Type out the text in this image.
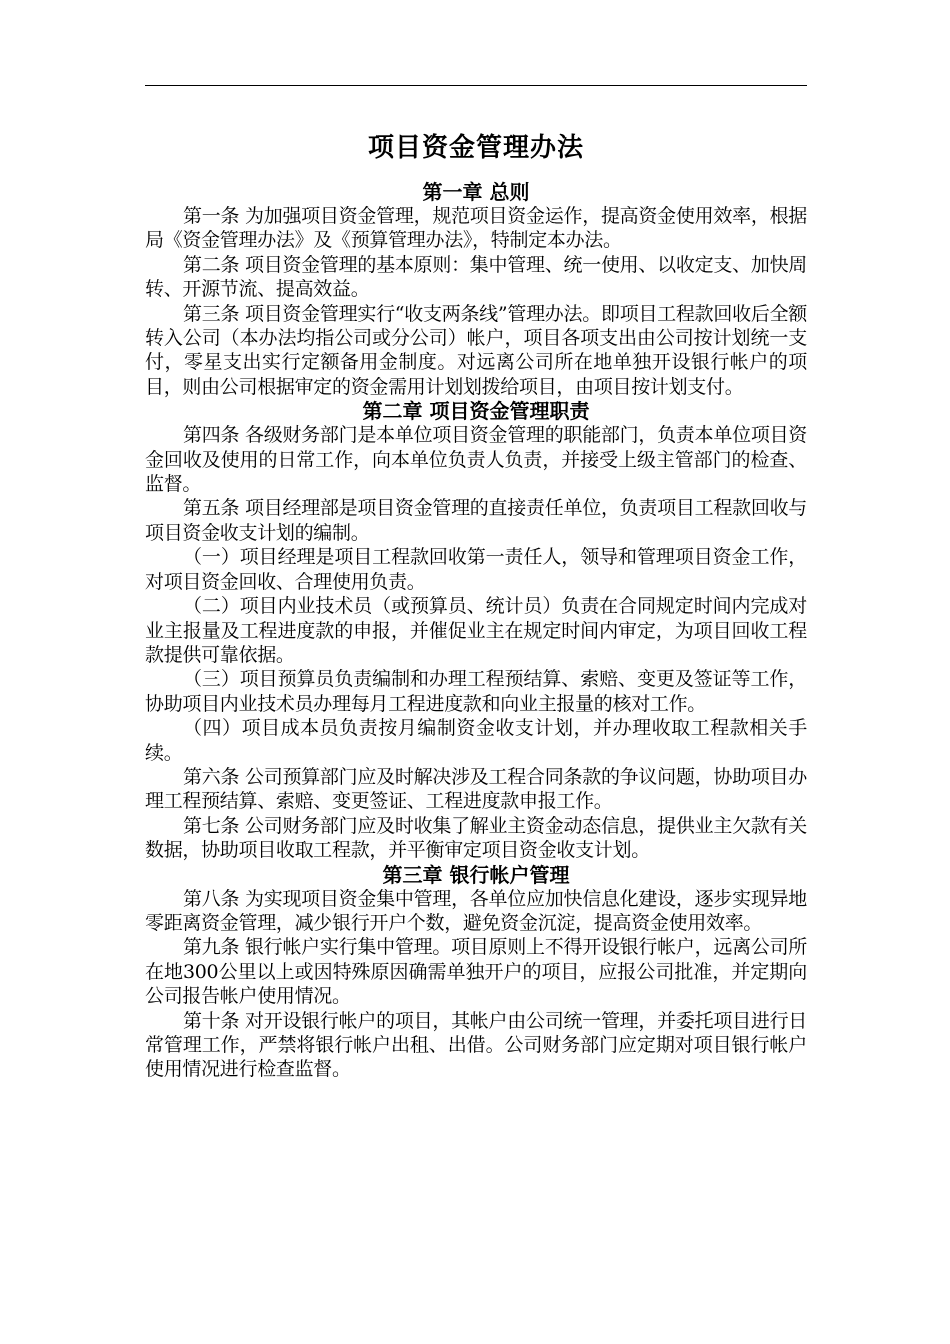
项目资金管理办法
第一章 总则

第一条 为加强项目资金管理，规范项目资金运作，提高资金使用效率，根据局《资金管理办法》及《预算管理办法》，特制定本办法。

第二条 项目资金管理的基本原则：集中管理、统一使用、以收定支、加快周转、开源节流、提高效益。

第三条 项目资金管理实行“收支两条线”管理办法。即项目工程款回收后全额转入公司（本办法均指公司或分公司）帐户，项目各项支出由公司按计划统一支付，零星支出实行定额备用金制度。对远离公司所在地单独开设银行帐户的项目，则由公司根据审定的资金需用计划划拨给项目，由项目按计划支付。

第二章 项目资金管理职责

第四条 各级财务部门是本单位项目资金管理的职能部门，负责本单位项目资金回收及使用的日常工作，向本单位负责人负责，并接受上级主管部门的检查、监督。

第五条 项目经理部是项目资金管理的直接责任单位，负责项目工程款回收与项目资金收支计划的编制。

（一）项目经理是项目工程款回收第一责任人，领导和管理项目资金工作，对项目资金回收、合理使用负责。

（二）项目内业技术员（或预算员、统计员）负责在合同规定时间内完成对业主报量及工程进度款的申报，并催促业主在规定时间内审定，为项目回收工程款提供可靠依据。

（三）项目预算员负责编制和办理工程预结算、索赔、变更及签证等工作，协助项目内业技术员办理每月工程进度款和向业主报量的核对工作。

（四）项目成本员负责按月编制资金收支计划，并办理收取工程款相关手续。

第六条 公司预算部门应及时解决涉及工程合同条款的争议问题，协助项目办理工程预结算、索赔、变更签证、工程进度款申报工作。

第七条 公司财务部门应及时收集了解业主资金动态信息，提供业主欠款有关数据，协助项目收取工程款，并平衡审定项目资金收支计划。

第三章 银行帐户管理

第八条 为实现项目资金集中管理，各单位应加快信息化建设，逐步实现异地零距离资金管理，减少银行开户个数，避免资金沉淀，提高资金使用效率。

第九条 银行帐户实行集中管理。项目原则上不得开设银行帐户，远离公司所在地300公里以上或因特殊原因确需单独开户的项目，应报公司批准，并定期向公司报告帐户使用情况。

第十条 对开设银行帐户的项目，其帐户由公司统一管理，并委托项目进行日常管理工作，严禁将银行帐户出租、出借。公司财务部门应定期对项目银行帐户使用情况进行检查监督。
